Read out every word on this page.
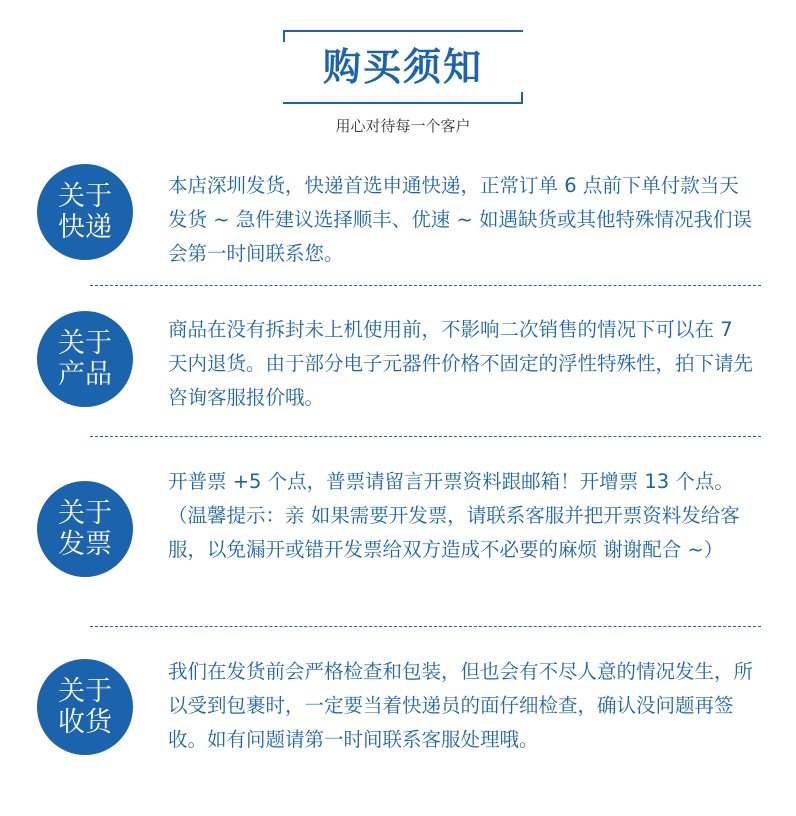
购买须知
用心对待每一个客户
关于
快递
本店深圳发货，快递首选申通快递，正常订单 6 点前下单付款当天发货 ~ 急件建议选择顺丰、优速 ~ 如遇缺货或其他特殊情况我们误会第一时间联系您。
关于
产品
商品在没有拆封未上机使用前，不影响二次销售的情况下可以在 7 天内退货。由于部分电子元器件价格不固定的浮性特殊性，拍下请先咨询客服报价哦。
关于
发票
开普票 +5 个点，普票请留言开票资料跟邮箱！开增票 13 个点。（温馨提示：亲 如果需要开发票，请联系客服并把开票资料发给客服，以免漏开或错开发票给双方造成不必要的麻烦 谢谢配合 ~）
关于
收货
我们在发货前会严格检查和包装，但也会有不尽人意的情况发生，所以受到包裹时，一定要当着快递员的面仔细检查，确认没问题再签收。如有问题请第一时间联系客服处理哦。
